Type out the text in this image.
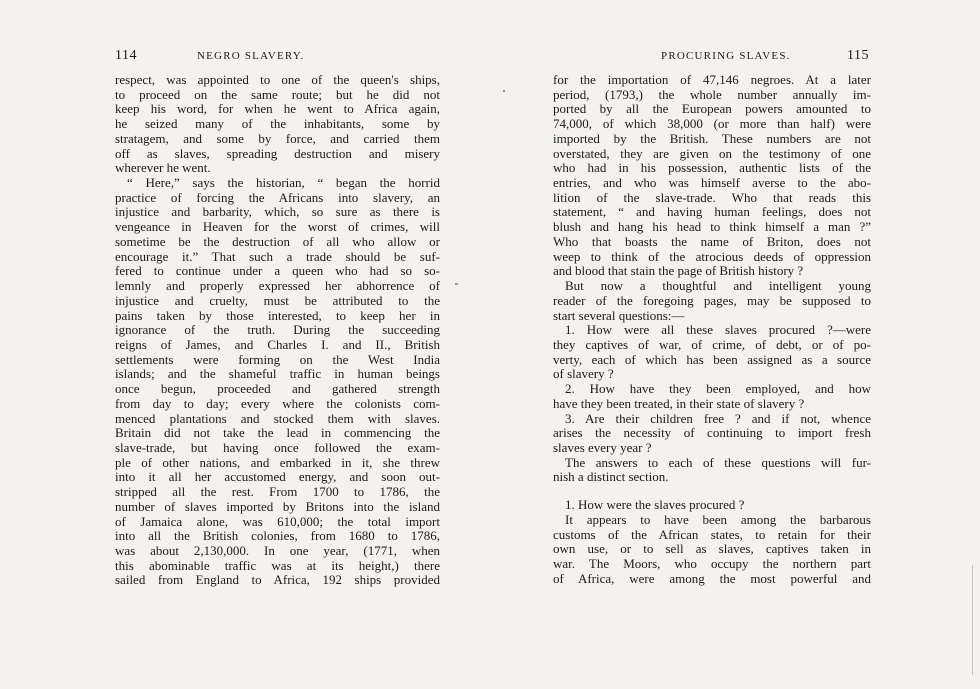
114	NEGRO SLAVERY.
respect, was appointed to one of the queen's ships,
to proceed on the same route; but he did not
keep his word, for when he went to Africa again,
he seized many of the inhabitants, some by
stratagem, and some by force, and carried them
off as slaves, spreading destruction and misery
wherever he went.
“ Here,” says the historian, “ began the horrid
practice of forcing the Africans into slavery, an
injustice and barbarity, which, so sure as there is
vengeance in Heaven for the worst of crimes, will
sometime be the destruction of all who allow or
encourage it.” That such a trade should be suf-
fered to continue under a queen who had so so-
lemnly and properly expressed her abhorrence of
injustice and cruelty, must be attributed to the
pains taken by those interested, to keep her in
ignorance of the truth. During the succeeding
reigns of James, and Charles I. and II., British
settlements were forming on the West India
islands; and the shameful traffic in human beings
once begun, proceeded and gathered strength
from day to day; every where the colonists com-
menced plantations and stocked them with slaves.
Britain did not take the lead in commencing the
slave-trade, but having once followed the exam-
ple of other nations, and embarked in it, she threw
into it all her accustomed energy, and soon out-
stripped all the rest. From 1700 to 1786, the
number of slaves imported by Britons into the island
of Jamaica alone, was 610,000; the total import
into all the British colonies, from 1680 to 1786,
was about 2,130,000. In one year, (1771, when
this abominable traffic was at its height,) there
sailed from England to Africa, 192 ships provided
PROCURING SLAVES.	115
for the importation of 47,146 negroes. At a later
period, (1793,) the whole number annually im-
ported by all the European powers amounted to
74,000, of which 38,000 (or more than half) were
imported by the British. These numbers are not
overstated, they are given on the testimony of one
who had in his possession, authentic lists of the
entries, and who was himself averse to the abo-
lition of the slave-trade. Who that reads this
statement, “ and having human feelings, does not
blush and hang his head to think himself a man ?”
Who that boasts the name of Briton, does not
weep to think of the atrocious deeds of oppression
and blood that stain the page of British history ?
But now a thoughtful and intelligent young
reader of the foregoing pages, may be supposed to
start several questions:—
1. How were all these slaves procured ?—were
they captives of war, of crime, of debt, or of po-
verty, each of which has been assigned as a source
of slavery ?
2. How have they been employed, and how
have they been treated, in their state of slavery ?
3. Are their children free ? and if not, whence
arises the necessity of continuing to import fresh
slaves every year ?
The answers to each of these questions will fur-
nish a distinct section.
1. How were the slaves procured ?
It appears to have been among the barbarous
customs of the African states, to retain for their
own use, or to sell as slaves, captives taken in
war. The Moors, who occupy the northern part
of Africa, were among the most powerful and
